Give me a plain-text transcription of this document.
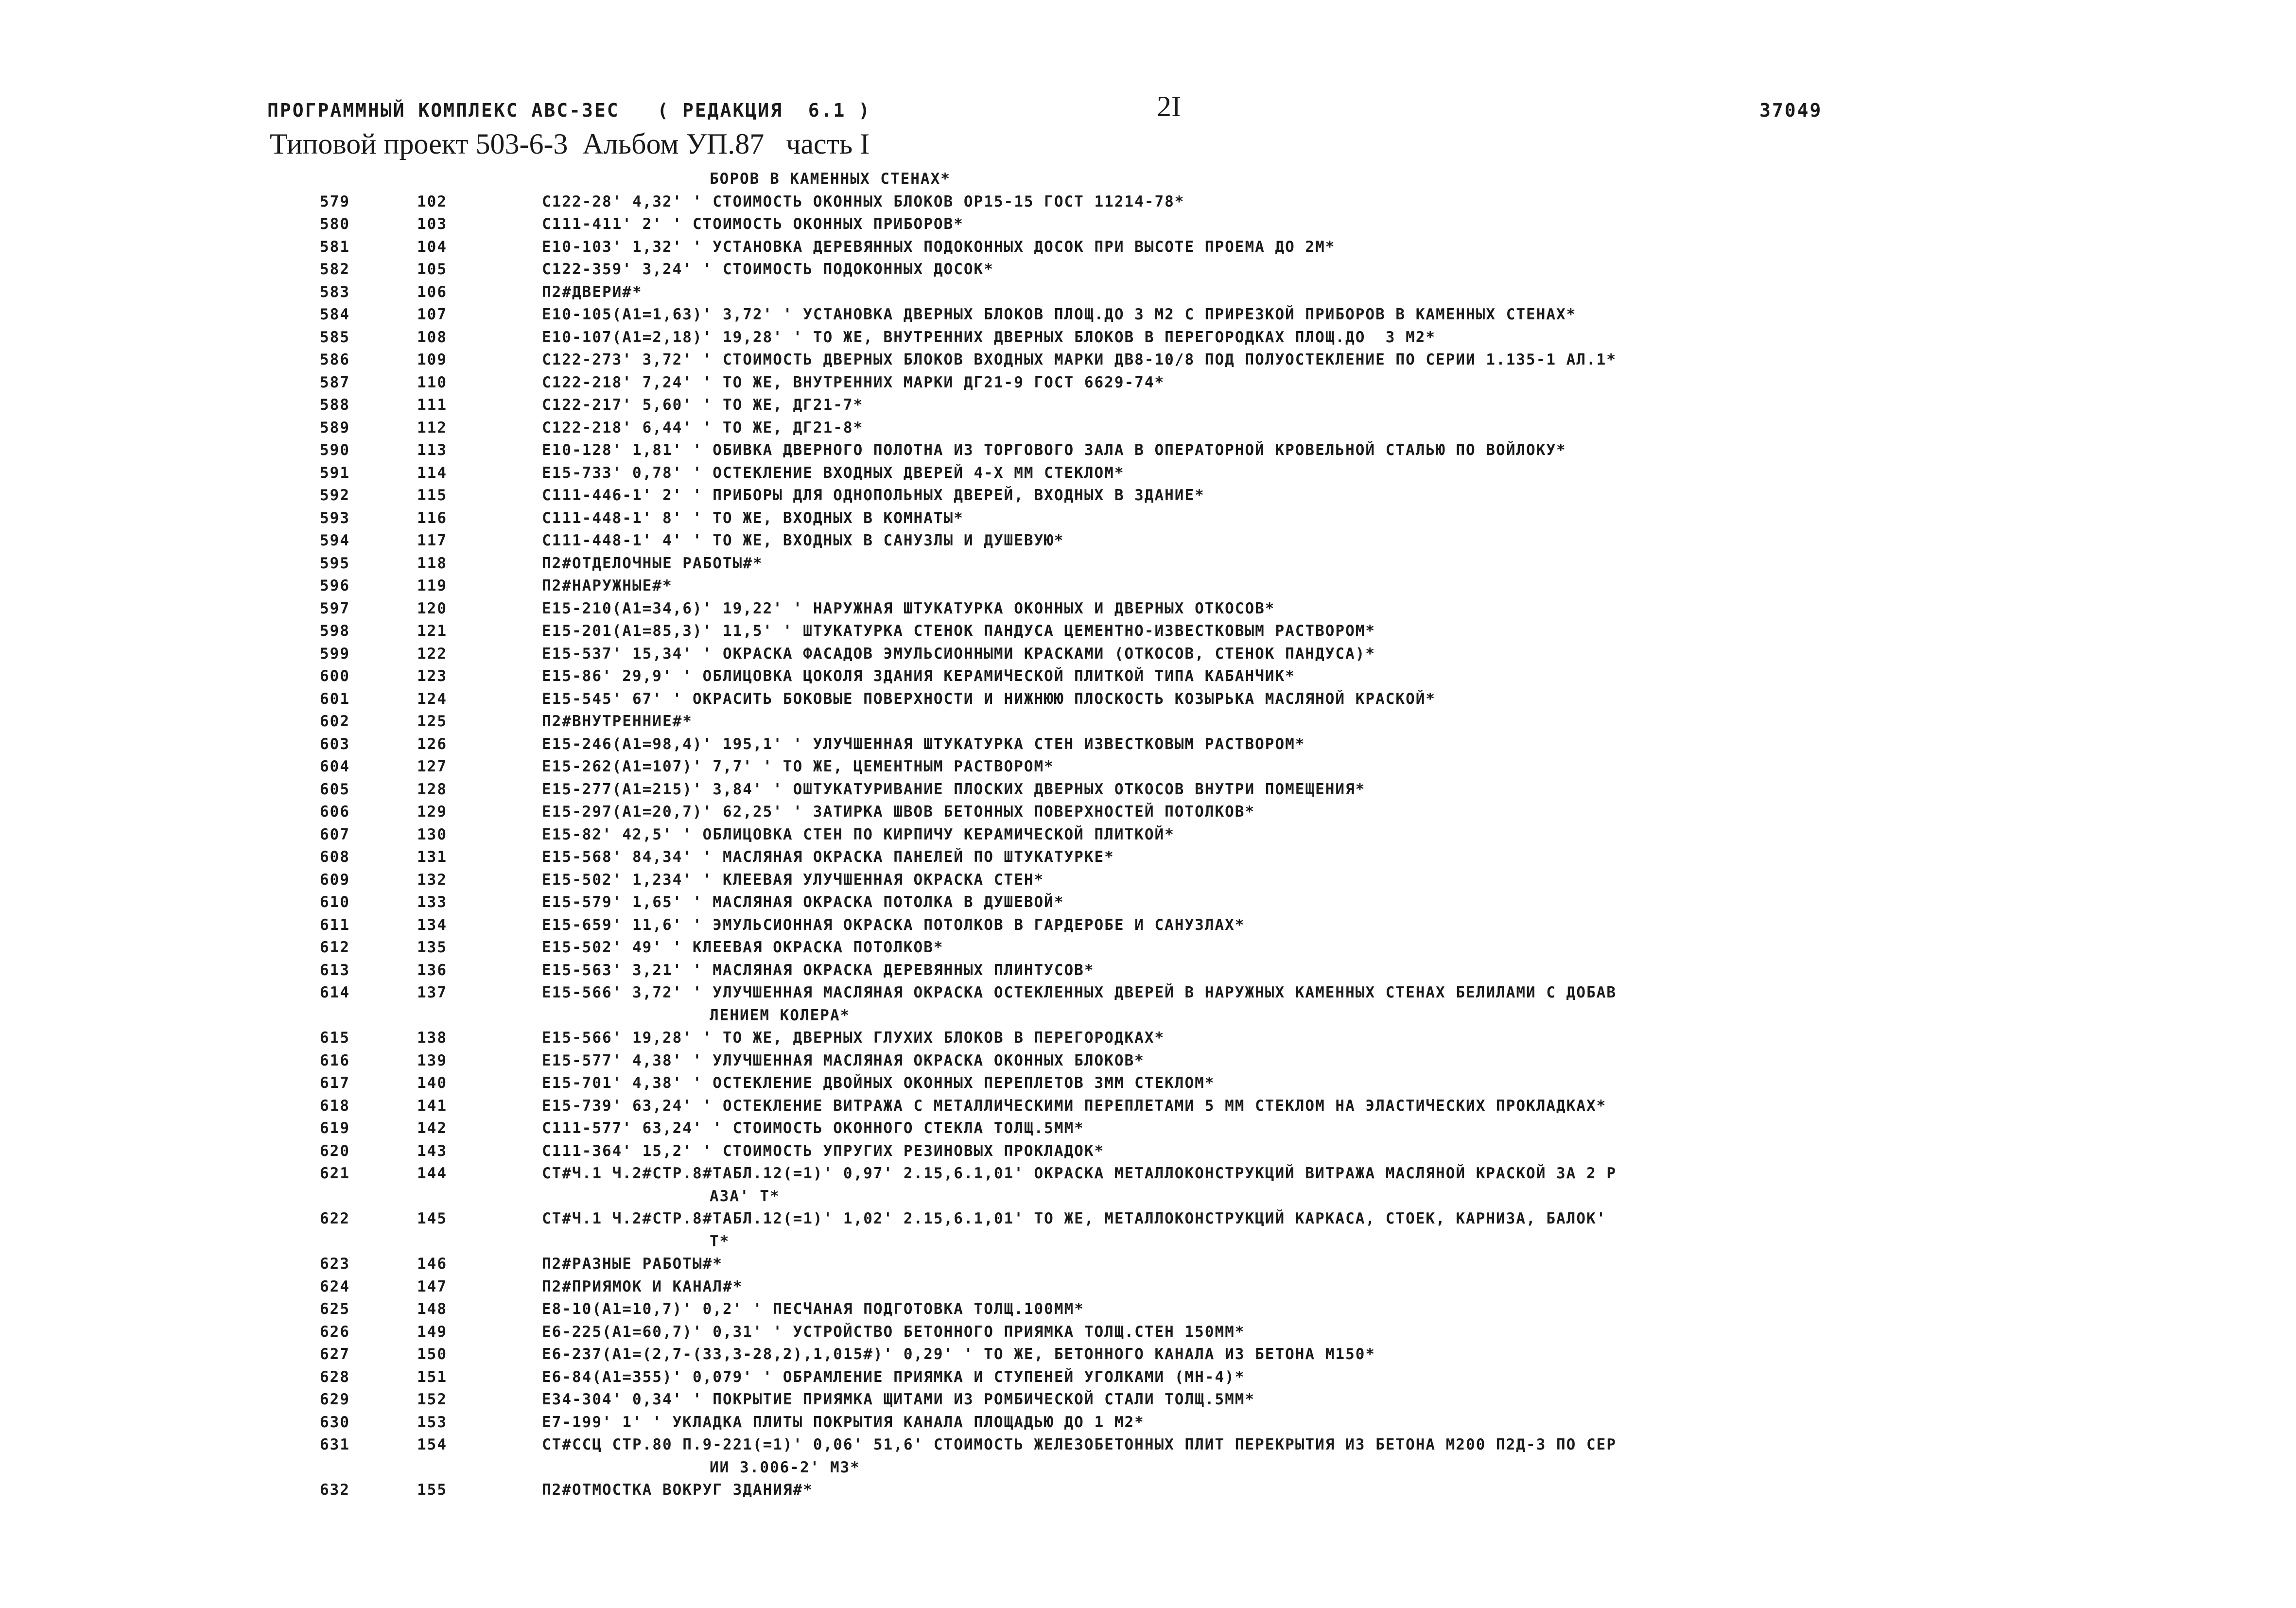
ПРОГРАММНЫЙ КОМПЛЕКС АВС-3ЕС   ( РЕДАКЦИЯ  6.1 )	2I	37049
Типовой проект 503-6-3  Альбом УП.87   часть I
БОРОВ В КАМЕННЫХ СТЕНАХ*
579	102	С122-28' 4,32' ' СТОИМОСТЬ ОКОННЫХ БЛОКОВ ОР15-15 ГОСТ 11214-78*
580	103	С111-411' 2' ' СТОИМОСТЬ ОКОННЫХ ПРИБОРОВ*
581	104	Е10-103' 1,32' ' УСТАНОВКА ДЕРЕВЯННЫХ ПОДОКОННЫХ ДОСОК ПРИ ВЫСОТЕ ПРОЕМА ДО 2М*
582	105	С122-359' 3,24' ' СТОИМОСТЬ ПОДОКОННЫХ ДОСОК*
583	106	П2#ДВЕРИ#*
584	107	Е10-105(А1=1,63)' 3,72' ' УСТАНОВКА ДВЕРНЫХ БЛОКОВ ПЛОЩ.ДО 3 М2 С ПРИРЕЗКОЙ ПРИБОРОВ В КАМЕННЫХ СТЕНАХ*
585	108	Е10-107(А1=2,18)' 19,28' ' ТО ЖЕ, ВНУТРЕННИХ ДВЕРНЫХ БЛОКОВ В ПЕРЕГОРОДКАХ ПЛОЩ.ДО  3 М2*
586	109	С122-273' 3,72' ' СТОИМОСТЬ ДВЕРНЫХ БЛОКОВ ВХОДНЫХ МАРКИ ДВ8-10/8 ПОД ПОЛУОСТЕКЛЕНИЕ ПО СЕРИИ 1.135-1 АЛ.1*
587	110	С122-218' 7,24' ' ТО ЖЕ, ВНУТРЕННИХ МАРКИ ДГ21-9 ГОСТ 6629-74*
588	111	С122-217' 5,60' ' ТО ЖЕ, ДГ21-7*
589	112	С122-218' 6,44' ' ТО ЖЕ, ДГ21-8*
590	113	Е10-128' 1,81' ' ОБИВКА ДВЕРНОГО ПОЛОТНА ИЗ ТОРГОВОГО ЗАЛА В ОПЕРАТОРНОЙ КРОВЕЛЬНОЙ СТАЛЬЮ ПО ВОЙЛОКУ*
591	114	Е15-733' 0,78' ' ОСТЕКЛЕНИЕ ВХОДНЫХ ДВЕРЕЙ 4-Х ММ СТЕКЛОМ*
592	115	С111-446-1' 2' ' ПРИБОРЫ ДЛЯ ОДНОПОЛЬНЫХ ДВЕРЕЙ, ВХОДНЫХ В ЗДАНИЕ*
593	116	С111-448-1' 8' ' ТО ЖЕ, ВХОДНЫХ В КОМНАТЫ*
594	117	С111-448-1' 4' ' ТО ЖЕ, ВХОДНЫХ В САНУЗЛЫ И ДУШЕВУЮ*
595	118	П2#ОТДЕЛОЧНЫЕ РАБОТЫ#*
596	119	П2#НАРУЖНЫЕ#*
597	120	Е15-210(А1=34,6)' 19,22' ' НАРУЖНАЯ ШТУКАТУРКА ОКОННЫХ И ДВЕРНЫХ ОТКОСОВ*
598	121	Е15-201(А1=85,3)' 11,5' ' ШТУКАТУРКА СТЕНОК ПАНДУСА ЦЕМЕНТНО-ИЗВЕСТКОВЫМ РАСТВОРОМ*
599	122	Е15-537' 15,34' ' ОКРАСКА ФАСАДОВ ЭМУЛЬСИОННЫМИ КРАСКАМИ (ОТКОСОВ, СТЕНОК ПАНДУСА)*
600	123	Е15-86' 29,9' ' ОБЛИЦОВКА ЦОКОЛЯ ЗДАНИЯ КЕРАМИЧЕСКОЙ ПЛИТКОЙ ТИПА КАБАНЧИК*
601	124	Е15-545' 67' ' ОКРАСИТЬ БОКОВЫЕ ПОВЕРХНОСТИ И НИЖНЮЮ ПЛОСКОСТЬ КОЗЫРЬКА МАСЛЯНОЙ КРАСКОЙ*
602	125	П2#ВНУТРЕННИЕ#*
603	126	Е15-246(А1=98,4)' 195,1' ' УЛУЧШЕННАЯ ШТУКАТУРКА СТЕН ИЗВЕСТКОВЫМ РАСТВОРОМ*
604	127	Е15-262(А1=107)' 7,7' ' ТО ЖЕ, ЦЕМЕНТНЫМ РАСТВОРОМ*
605	128	Е15-277(А1=215)' 3,84' ' ОШТУКАТУРИВАНИЕ ПЛОСКИХ ДВЕРНЫХ ОТКОСОВ ВНУТРИ ПОМЕЩЕНИЯ*
606	129	Е15-297(А1=20,7)' 62,25' ' ЗАТИРКА ШВОВ БЕТОННЫХ ПОВЕРХНОСТЕЙ ПОТОЛКОВ*
607	130	Е15-82' 42,5' ' ОБЛИЦОВКА СТЕН ПО КИРПИЧУ КЕРАМИЧЕСКОЙ ПЛИТКОЙ*
608	131	Е15-568' 84,34' ' МАСЛЯНАЯ ОКРАСКА ПАНЕЛЕЙ ПО ШТУКАТУРКЕ*
609	132	Е15-502' 1,234' ' КЛЕЕВАЯ УЛУЧШЕННАЯ ОКРАСКА СТЕН*
610	133	Е15-579' 1,65' ' МАСЛЯНАЯ ОКРАСКА ПОТОЛКА В ДУШЕВОЙ*
611	134	Е15-659' 11,6' ' ЭМУЛЬСИОННАЯ ОКРАСКА ПОТОЛКОВ В ГАРДЕРОБЕ И САНУЗЛАХ*
612	135	Е15-502' 49' ' КЛЕЕВАЯ ОКРАСКА ПОТОЛКОВ*
613	136	Е15-563' 3,21' ' МАСЛЯНАЯ ОКРАСКА ДЕРЕВЯННЫХ ПЛИНТУСОВ*
614	137	Е15-566' 3,72' ' УЛУЧШЕННАЯ МАСЛЯНАЯ ОКРАСКА ОСТЕКЛЕННЫХ ДВЕРЕЙ В НАРУЖНЫХ КАМЕННЫХ СТЕНАХ БЕЛИЛАМИ С ДОБАВ
ЛЕНИЕМ КОЛЕРА*
615	138	Е15-566' 19,28' ' ТО ЖЕ, ДВЕРНЫХ ГЛУХИХ БЛОКОВ В ПЕРЕГОРОДКАХ*
616	139	Е15-577' 4,38' ' УЛУЧШЕННАЯ МАСЛЯНАЯ ОКРАСКА ОКОННЫХ БЛОКОВ*
617	140	Е15-701' 4,38' ' ОСТЕКЛЕНИЕ ДВОЙНЫХ ОКОННЫХ ПЕРЕПЛЕТОВ 3ММ СТЕКЛОМ*
618	141	Е15-739' 63,24' ' ОСТЕКЛЕНИЕ ВИТРАЖА С МЕТАЛЛИЧЕСКИМИ ПЕРЕПЛЕТАМИ 5 ММ СТЕКЛОМ НА ЭЛАСТИЧЕСКИХ ПРОКЛАДКАХ*
619	142	С111-577' 63,24' ' СТОИМОСТЬ ОКОННОГО СТЕКЛА ТОЛЩ.5ММ*
620	143	С111-364' 15,2' ' СТОИМОСТЬ УПРУГИХ РЕЗИНОВЫХ ПРОКЛАДОК*
621	144	СТ#Ч.1 Ч.2#СТР.8#ТАБЛ.12(=1)' 0,97' 2.15,6.1,01' ОКРАСКА МЕТАЛЛОКОНСТРУКЦИЙ ВИТРАЖА МАСЛЯНОЙ КРАСКОЙ ЗА 2 Р
АЗА' Т*
622	145	СТ#Ч.1 Ч.2#СТР.8#ТАБЛ.12(=1)' 1,02' 2.15,6.1,01' ТО ЖЕ, МЕТАЛЛОКОНСТРУКЦИЙ КАРКАСА, СТОЕК, КАРНИЗА, БАЛОК'
Т*
623	146	П2#РАЗНЫЕ РАБОТЫ#*
624	147	П2#ПРИЯМОК И КАНАЛ#*
625	148	Е8-10(А1=10,7)' 0,2' ' ПЕСЧАНАЯ ПОДГОТОВКА ТОЛЩ.100ММ*
626	149	Е6-225(А1=60,7)' 0,31' ' УСТРОЙСТВО БЕТОННОГО ПРИЯМКА ТОЛЩ.СТЕН 150ММ*
627	150	Е6-237(А1=(2,7-(33,3-28,2),1,015#)' 0,29' ' ТО ЖЕ, БЕТОННОГО КАНАЛА ИЗ БЕТОНА М150*
628	151	Е6-84(А1=355)' 0,079' ' ОБРАМЛЕНИЕ ПРИЯМКА И СТУПЕНЕЙ УГОЛКАМИ (МН-4)*
629	152	Е34-304' 0,34' ' ПОКРЫТИЕ ПРИЯМКА ЩИТАМИ ИЗ РОМБИЧЕСКОЙ СТАЛИ ТОЛЩ.5ММ*
630	153	Е7-199' 1' ' УКЛАДКА ПЛИТЫ ПОКРЫТИЯ КАНАЛА ПЛОЩАДЬЮ ДО 1 М2*
631	154	СТ#ССЦ СТР.80 П.9-221(=1)' 0,06' 51,6' СТОИМОСТЬ ЖЕЛЕЗОБЕТОННЫХ ПЛИТ ПЕРЕКРЫТИЯ ИЗ БЕТОНА М200 П2Д-3 ПО СЕР
ИИ 3.006-2' М3*
632	155	П2#ОТМОСТКА ВОКРУГ ЗДАНИЯ#*
